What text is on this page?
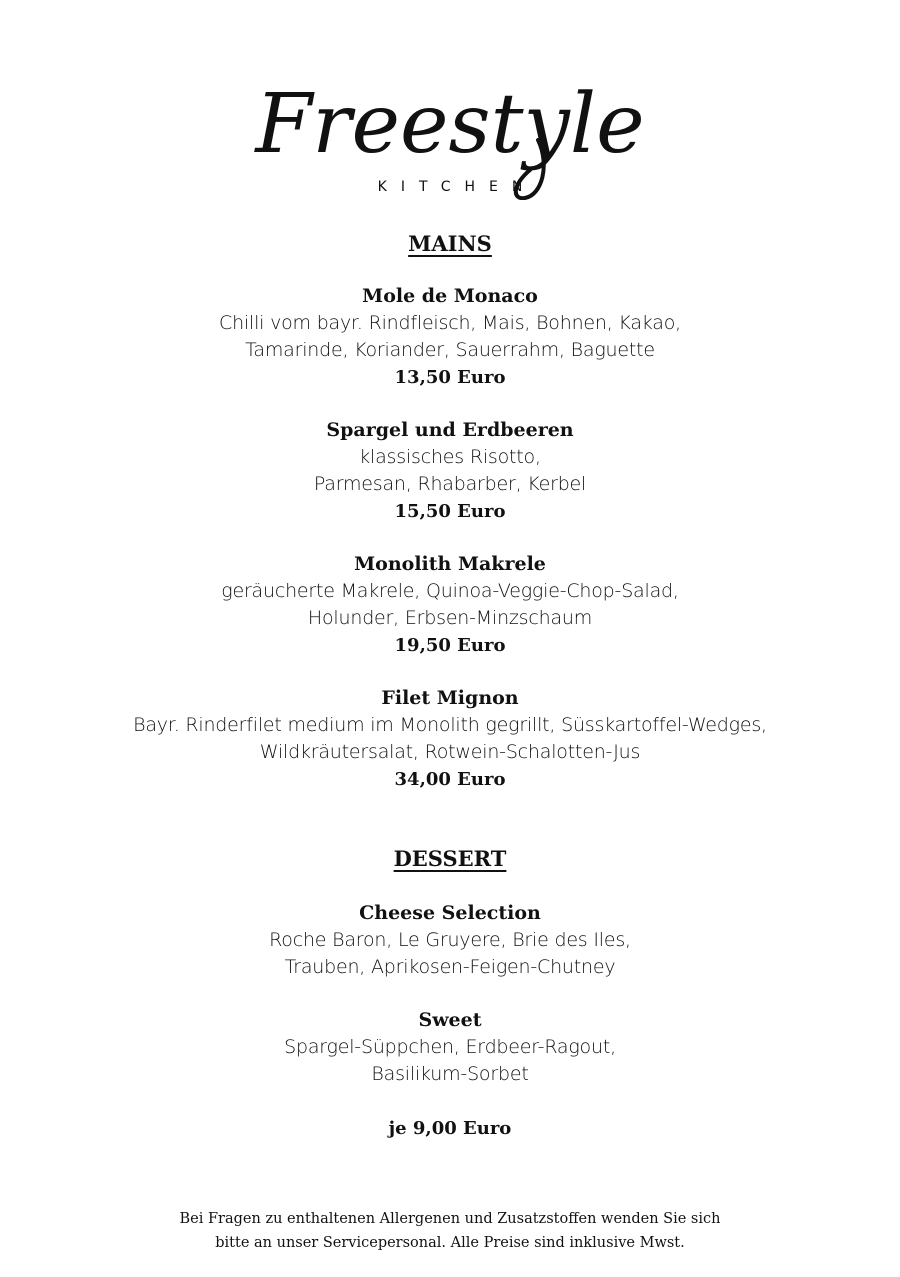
Freestyle
KITCHEN
MAINS
Mole de Monaco
Chilli vom bayr. Rindfleisch, Mais, Bohnen, Kakao,
Tamarinde, Koriander, Sauerrahm, Baguette
13,50 Euro
Spargel und Erdbeeren
klassisches Risotto,
Parmesan, Rhabarber, Kerbel
15,50 Euro
Monolith Makrele
geräucherte Makrele, Quinoa-Veggie-Chop-Salad,
Holunder, Erbsen-Minzschaum
19,50 Euro
Filet Mignon
Bayr. Rinderfilet medium im Monolith gegrillt, Süsskartoffel-Wedges,
Wildkräutersalat, Rotwein-Schalotten-Jus
34,00 Euro
DESSERT
Cheese Selection
Roche Baron, Le Gruyere, Brie des Iles,
Trauben, Aprikosen-Feigen-Chutney
Sweet
Spargel-Süppchen, Erdbeer-Ragout,
Basilikum-Sorbet
je 9,00 Euro
Bei Fragen zu enthaltenen Allergenen und Zusatzstoffen wenden Sie sich
bitte an unser Servicepersonal. Alle Preise sind inklusive Mwst.
